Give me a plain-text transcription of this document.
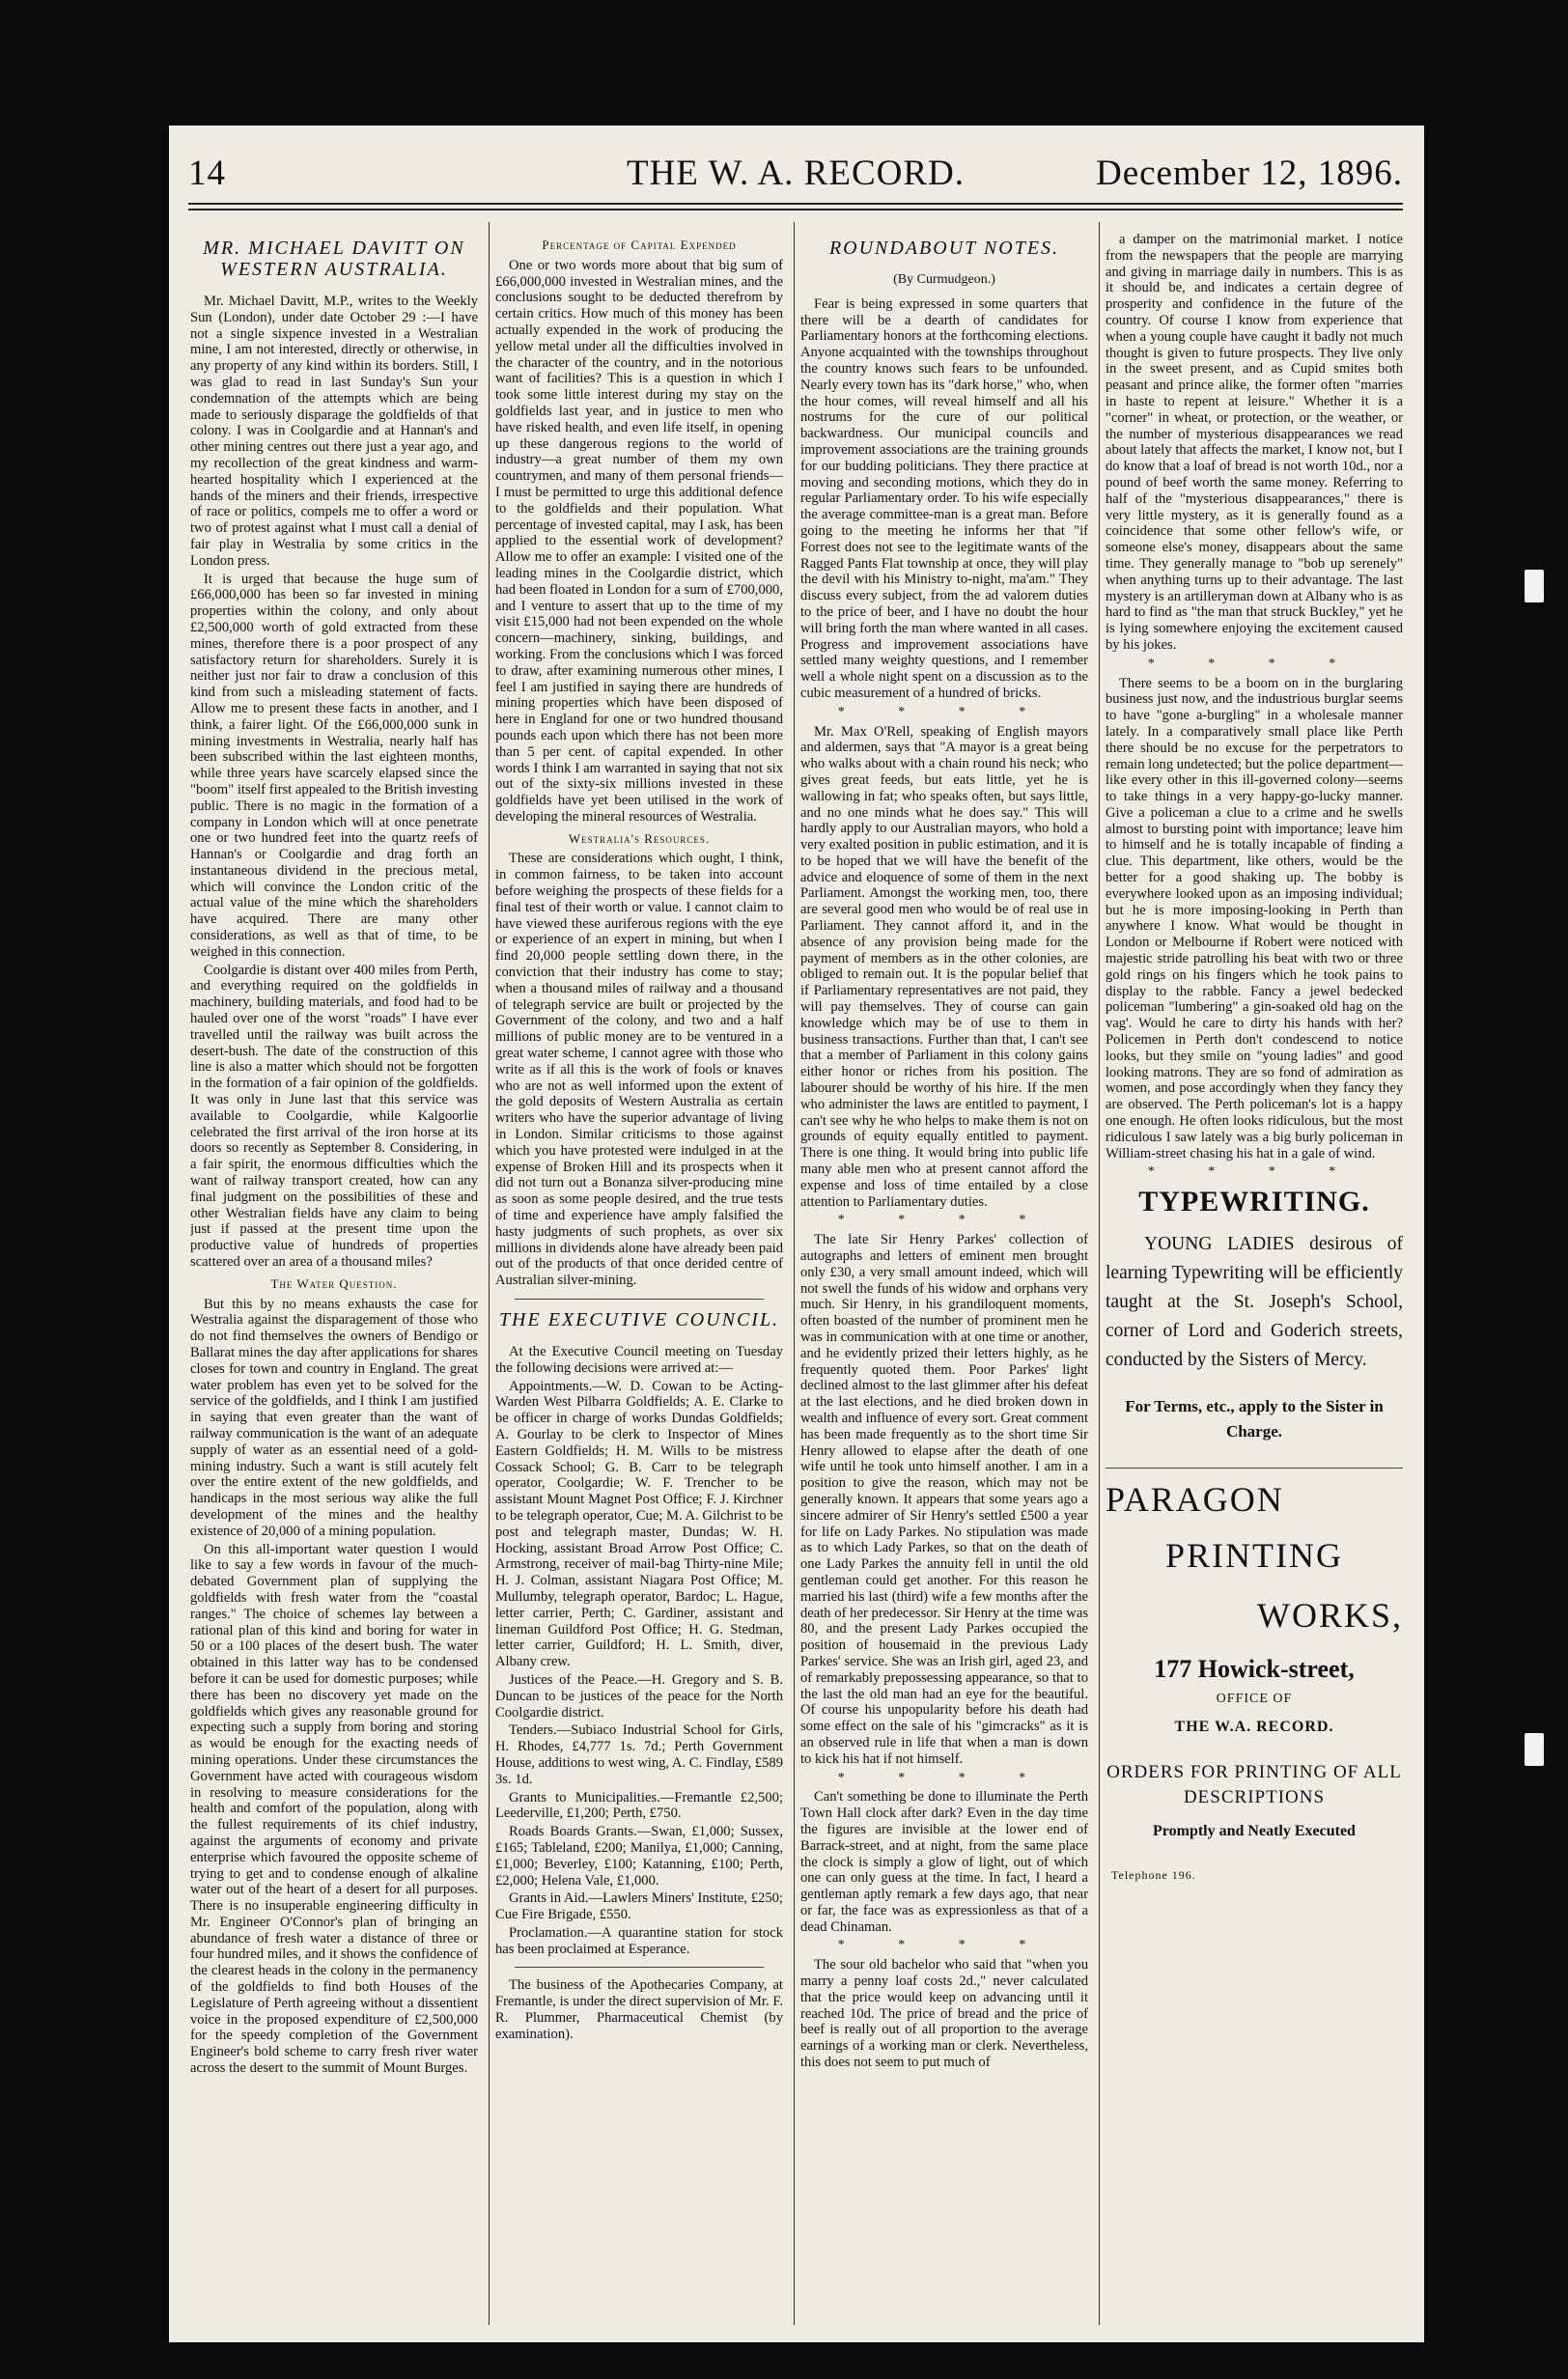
14	THE W. A. RECORD.	December 12, 1896.
MR. MICHAEL DAVITT ON WESTERN AUSTRALIA.

Mr. Michael Davitt, M.P., writes to the Weekly Sun (London), under date October 29 :—I have not a single sixpence invested in a Westralian mine, I am not interested, directly or otherwise, in any property of any kind within its borders. Still, I was glad to read in last Sunday's Sun your condemnation of the attempts which are being made to seriously disparage the goldfields of that colony. I was in Coolgardie and at Hannan's and other mining centres out there just a year ago, and my recollection of the great kindness and warm-hearted hospitality which I experienced at the hands of the miners and their friends, irrespective of race or politics, compels me to offer a word or two of protest against what I must call a denial of fair play in Westralia by some critics in the London press.

It is urged that because the huge sum of £66,000,000 has been so far invested in mining properties within the colony, and only about £2,500,000 worth of gold extracted from these mines, therefore there is a poor prospect of any satisfactory return for shareholders. Surely it is neither just nor fair to draw a conclusion of this kind from such a misleading statement of facts. Allow me to present these facts in another, and I think, a fairer light. Of the £66,000,000 sunk in mining investments in Westralia, nearly half has been subscribed within the last eighteen months, while three years have scarcely elapsed since the "boom" itself first appealed to the British investing public. There is no magic in the formation of a company in London which will at once penetrate one or two hundred feet into the quartz reefs of Hannan's or Coolgardie and drag forth an instantaneous dividend in the precious metal, which will convince the London critic of the actual value of the mine which the shareholders have acquired. There are many other considerations, as well as that of time, to be weighed in this connection.

Coolgardie is distant over 400 miles from Perth, and everything required on the goldfields in machinery, building materials, and food had to be hauled over one of the worst "roads" I have ever travelled until the railway was built across the desert-bush. The date of the construction of this line is also a matter which should not be forgotten in the formation of a fair opinion of the goldfields. It was only in June last that this service was available to Coolgardie, while Kalgoorlie celebrated the first arrival of the iron horse at its doors so recently as September 8. Considering, in a fair spirit, the enormous difficulties which the want of railway transport created, how can any final judgment on the possibilities of these and other Westralian fields have any claim to being just if passed at the present time upon the productive value of hundreds of properties scattered over an area of a thousand miles?

The Water Question.

But this by no means exhausts the case for Westralia against the disparagement of those who do not find themselves the owners of Bendigo or Ballarat mines the day after applications for shares closes for town and country in England. The great water problem has even yet to be solved for the service of the goldfields, and I think I am justified in saying that even greater than the want of railway communication is the want of an adequate supply of water as an essential need of a gold-mining industry. Such a want is still acutely felt over the entire extent of the new goldfields, and handicaps in the most serious way alike the full development of the mines and the healthy existence of 20,000 of a mining population.

On this all-important water question I would like to say a few words in favour of the much-debated Government plan of supplying the goldfields with fresh water from the "coastal ranges." The choice of schemes lay between a rational plan of this kind and boring for water in 50 or a 100 places of the desert bush. The water obtained in this latter way has to be condensed before it can be used for domestic purposes; while there has been no discovery yet made on the goldfields which gives any reasonable ground for expecting such a supply from boring and storing as would be enough for the exacting needs of mining operations. Under these circumstances the Government have acted with courageous wisdom in resolving to measure considerations for the health and comfort of the population, along with the fullest requirements of its chief industry, against the arguments of economy and private enterprise which favoured the opposite scheme of trying to get and to condense enough of alkaline water out of the heart of a desert for all purposes. There is no insuperable engineering difficulty in Mr. Engineer O'Connor's plan of bringing an abundance of fresh water a distance of three or four hundred miles, and it shows the confidence of the clearest heads in the colony in the permanency of the goldfields to find both Houses of the Legislature of Perth agreeing without a dissentient voice in the proposed expenditure of £2,500,000 for the speedy completion of the Government Engineer's bold scheme to carry fresh river water across the desert to the summit of Mount Burges.

Percentage of Capital Expended

One or two words more about that big sum of £66,000,000 invested in Westralian mines, and the conclusions sought to be deducted therefrom by certain critics. How much of this money has been actually expended in the work of producing the yellow metal under all the difficulties involved in the character of the country, and in the notorious want of facilities? This is a question in which I took some little interest during my stay on the goldfields last year, and in justice to men who have risked health, and even life itself, in opening up these dangerous regions to the world of industry—a great number of them my own countrymen, and many of them personal friends—I must be permitted to urge this additional defence to the goldfields and their population. What percentage of invested capital, may I ask, has been applied to the essential work of development? Allow me to offer an example: I visited one of the leading mines in the Coolgardie district, which had been floated in London for a sum of £700,000, and I venture to assert that up to the time of my visit £15,000 had not been expended on the whole concern—machinery, sinking, buildings, and working. From the conclusions which I was forced to draw, after examining numerous other mines, I feel I am justified in saying there are hundreds of mining properties which have been disposed of here in England for one or two hundred thousand pounds each upon which there has not been more than 5 per cent. of capital expended. In other words I think I am warranted in saying that not six out of the sixty-six millions invested in these goldfields have yet been utilised in the work of developing the mineral resources of Westralia.

Westralia's Resources.

These are considerations which ought, I think, in common fairness, to be taken into account before weighing the prospects of these fields for a final test of their worth or value. I cannot claim to have viewed these auriferous regions with the eye or experience of an expert in mining, but when I find 20,000 people settling down there, in the conviction that their industry has come to stay; when a thousand miles of railway and a thousand of telegraph service are built or projected by the Government of the colony, and two and a half millions of public money are to be ventured in a great water scheme, I cannot agree with those who write as if all this is the work of fools or knaves who are not as well informed upon the extent of the gold deposits of Western Australia as certain writers who have the superior advantage of living in London. Similar criticisms to those against which you have protested were indulged in at the expense of Broken Hill and its prospects when it did not turn out a Bonanza silver-producing mine as soon as some people desired, and the true tests of time and experience have amply falsified the hasty judgments of such prophets, as over six millions in dividends alone have already been paid out of the products of that once derided centre of Australian silver-mining.

THE EXECUTIVE COUNCIL.

At the Executive Council meeting on Tuesday the following decisions were arrived at:—

Appointments.—W. D. Cowan to be Acting-Warden West Pilbarra Goldfields; A. E. Clarke to be officer in charge of works Dundas Goldfields; A. Gourlay to be clerk to Inspector of Mines Eastern Goldfields; H. M. Wills to be mistress Cossack School; G. B. Carr to be telegraph operator, Coolgardie; W. F. Trencher to be assistant Mount Magnet Post Office; F. J. Kirchner to be telegraph operator, Cue; M. A. Gilchrist to be post and telegraph master, Dundas; W. H. Hocking, assistant Broad Arrow Post Office; C. Armstrong, receiver of mail-bag Thirty-nine Mile; H. J. Colman, assistant Niagara Post Office; M. Mullumby, telegraph operator, Bardoc; L. Hague, letter carrier, Perth; C. Gardiner, assistant and lineman Guildford Post Office; H. G. Stedman, letter carrier, Guildford; H. L. Smith, diver, Albany crew.

Justices of the Peace.—H. Gregory and S. B. Duncan to be justices of the peace for the North Coolgardie district.

Tenders.—Subiaco Industrial School for Girls, H. Rhodes, £4,777 1s. 7d.; Perth Government House, additions to west wing, A. C. Findlay, £589 3s. 1d.

Grants to Municipalities.—Fremantle £2,500; Leederville, £1,200; Perth, £750.

Roads Boards Grants.—Swan, £1,000; Sussex, £165; Tableland, £200; Manilya, £1,000; Canning, £1,000; Beverley, £100; Katanning, £100; Perth, £2,000; Helena Vale, £1,000.

Grants in Aid.—Lawlers Miners' Institute, £250; Cue Fire Brigade, £550.

Proclamation.—A quarantine station for stock has been proclaimed at Esperance.

The business of the Apothecaries Company, at Fremantle, is under the direct supervision of Mr. F. R. Plummer, Pharmaceutical Chemist (by examination).

ROUNDABOUT NOTES.
(By Curmudgeon.)

Fear is being expressed in some quarters that there will be a dearth of candidates for Parliamentary honors at the forthcoming elections. Anyone acquainted with the townships throughout the country knows such fears to be unfounded. Nearly every town has its "dark horse," who, when the hour comes, will reveal himself and all his nostrums for the cure of our political backwardness. Our municipal councils and improvement associations are the training grounds for our budding politicians. They there practice at moving and seconding motions, which they do in regular Parliamentary order. To his wife especially the average committee-man is a great man. Before going to the meeting he informs her that "if Forrest does not see to the legitimate wants of the Ragged Pants Flat township at once, they will play the devil with his Ministry to-night, ma'am." They discuss every subject, from the ad valorem duties to the price of beer, and I have no doubt the hour will bring forth the man where wanted in all cases. Progress and improvement associations have settled many weighty questions, and I remember well a whole night spent on a discussion as to the cubic measurement of a hundred of bricks.

* * * *

Mr. Max O'Rell, speaking of English mayors and aldermen, says that "A mayor is a great being who walks about with a chain round his neck; who gives great feeds, but eats little, yet he is wallowing in fat; who speaks often, but says little, and no one minds what he does say." This will hardly apply to our Australian mayors, who hold a very exalted position in public estimation, and it is to be hoped that we will have the benefit of the advice and eloquence of some of them in the next Parliament. Amongst the working men, too, there are several good men who would be of real use in Parliament. They cannot afford it, and in the absence of any provision being made for the payment of members as in the other colonies, are obliged to remain out. It is the popular belief that if Parliamentary representatives are not paid, they will pay themselves. They of course can gain knowledge which may be of use to them in business transactions. Further than that, I can't see that a member of Parliament in this colony gains either honor or riches from his position. The labourer should be worthy of his hire. If the men who administer the laws are entitled to payment, I can't see why he who helps to make them is not on grounds of equity equally entitled to payment. There is one thing. It would bring into public life many able men who at present cannot afford the expense and loss of time entailed by a close attention to Parliamentary duties.

* * * *

The late Sir Henry Parkes' collection of autographs and letters of eminent men brought only £30, a very small amount indeed, which will not swell the funds of his widow and orphans very much. Sir Henry, in his grandiloquent moments, often boasted of the number of prominent men he was in communication with at one time or another, and he evidently prized their letters highly, as he frequently quoted them. Poor Parkes' light declined almost to the last glimmer after his defeat at the last elections, and he died broken down in wealth and influence of every sort. Great comment has been made frequently as to the short time Sir Henry allowed to elapse after the death of one wife until he took unto himself another. I am in a position to give the reason, which may not be generally known. It appears that some years ago a sincere admirer of Sir Henry's settled £500 a year for life on Lady Parkes. No stipulation was made as to which Lady Parkes, so that on the death of one Lady Parkes the annuity fell in until the old gentleman could get another. For this reason he married his last (third) wife a few months after the death of her predecessor. Sir Henry at the time was 80, and the present Lady Parkes occupied the position of housemaid in the previous Lady Parkes' service. She was an Irish girl, aged 23, and of remarkably prepossessing appearance, so that to the last the old man had an eye for the beautiful. Of course his unpopularity before his death had some effect on the sale of his "gimcracks" as it is an observed rule in life that when a man is down to kick his hat if not himself.

* * * *

Can't something be done to illuminate the Perth Town Hall clock after dark? Even in the day time the figures are invisible at the lower end of Barrack-street, and at night, from the same place the clock is simply a glow of light, out of which one can only guess at the time. In fact, I heard a gentleman aptly remark a few days ago, that near or far, the face was as expressionless as that of a dead Chinaman.

* * * *

The sour old bachelor who said that "when you marry a penny loaf costs 2d.," never calculated that the price would keep on advancing until it reached 10d. The price of bread and the price of beef is really out of all proportion to the average earnings of a working man or clerk. Nevertheless, this does not seem to put much of

a damper on the matrimonial market. I notice from the newspapers that the people are marrying and giving in marriage daily in numbers. This is as it should be, and indicates a certain degree of prosperity and confidence in the future of the country. Of course I know from experience that when a young couple have caught it badly not much thought is given to future prospects. They live only in the sweet present, and as Cupid smites both peasant and prince alike, the former often "marries in haste to repent at leisure." Whether it is a "corner" in wheat, or protection, or the weather, or the number of mysterious disappearances we read about lately that affects the market, I know not, but I do know that a loaf of bread is not worth 10d., nor a pound of beef worth the same money. Referring to half of the "mysterious disappearances," there is very little mystery, as it is generally found as a coincidence that some other fellow's wife, or someone else's money, disappears about the same time. They generally manage to "bob up serenely" when anything turns up to their advantage. The last mystery is an artilleryman down at Albany who is as hard to find as "the man that struck Buckley," yet he is lying somewhere enjoying the excitement caused by his jokes.

* * * *

There seems to be a boom on in the burglaring business just now, and the industrious burglar seems to have "gone a-burgling" in a wholesale manner lately. In a comparatively small place like Perth there should be no excuse for the perpetrators to remain long undetected; but the police department—like every other in this ill-governed colony—seems to take things in a very happy-go-lucky manner. Give a policeman a clue to a crime and he swells almost to bursting point with importance; leave him to himself and he is totally incapable of finding a clue. This department, like others, would be the better for a good shaking up. The bobby is everywhere looked upon as an imposing individual; but he is more imposing-looking in Perth than anywhere I know. What would be thought in London or Melbourne if Robert were noticed with majestic stride patrolling his beat with two or three gold rings on his fingers which he took pains to display to the rabble. Fancy a jewel bedecked policeman "lumbering" a gin-soaked old hag on the vag'. Would he care to dirty his hands with her? Policemen in Perth don't condescend to notice looks, but they smile on "young ladies" and good looking matrons. They are so fond of admiration as women, and pose accordingly when they fancy they are observed. The Perth policeman's lot is a happy one enough. He often looks ridiculous, but the most ridiculous I saw lately was a big burly policeman in William-street chasing his hat in a gale of wind.

* * * *
TYPEWRITING.
YOUNG LADIES desirous of learning Typewriting will be efficiently taught at the St. Joseph's School, corner of Lord and Goderich streets, conducted by the Sisters of Mercy.
For Terms, etc., apply to the Sister in Charge.
PARAGON
PRINTING
WORKS,
177 Howick-street,
OFFICE OF
THE W.A. RECORD.
ORDERS FOR PRINTING OF ALL DESCRIPTIONS
Promptly and Neatly Executed
Telephone 196.
